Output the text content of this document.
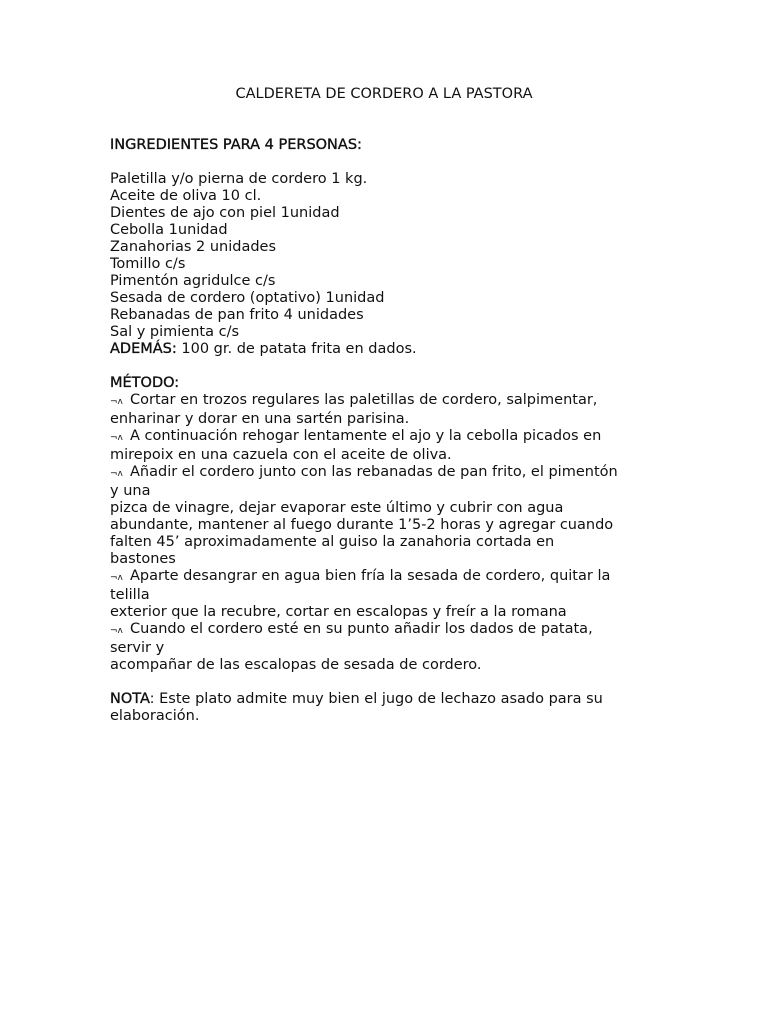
CALDERETA DE CORDERO A LA PASTORA
INGREDIENTES PARA 4 PERSONAS:
Paletilla y/o pierna de cordero 1 kg.
Aceite de oliva 10 cl.
Dientes de ajo con piel 1unidad
Cebolla 1unidad
Zanahorias 2 unidades
Tomillo c/s
Pimentón agridulce c/s
Sesada de cordero (optativo) 1unidad
Rebanadas de pan frito 4 unidades
Sal y pimienta c/s
ADEMÁS: 100 gr. de patata frita en dados.
MÉTODO:
¬ʌ Cortar en trozos regulares las paletillas de cordero, salpimentar,
enharinar y dorar en una sartén parisina.
¬ʌ A continuación rehogar lentamente el ajo y la cebolla picados en
mirepoix en una cazuela con el aceite de oliva.
¬ʌ Añadir el cordero junto con las rebanadas de pan frito, el pimentón
y una
pizca de vinagre, dejar evaporar este último y cubrir con agua
abundante, mantener al fuego durante 1’5-2 horas y agregar cuando
falten 45’ aproximadamente al guiso la zanahoria cortada en
bastones
¬ʌ Aparte desangrar en agua bien fría la sesada de cordero, quitar la
telilla
exterior que la recubre, cortar en escalopas y freír a la romana
¬ʌ Cuando el cordero esté en su punto añadir los dados de patata,
servir y
acompañar de las escalopas de sesada de cordero.
NOTA: Este plato admite muy bien el jugo de lechazo asado para su
elaboración.
